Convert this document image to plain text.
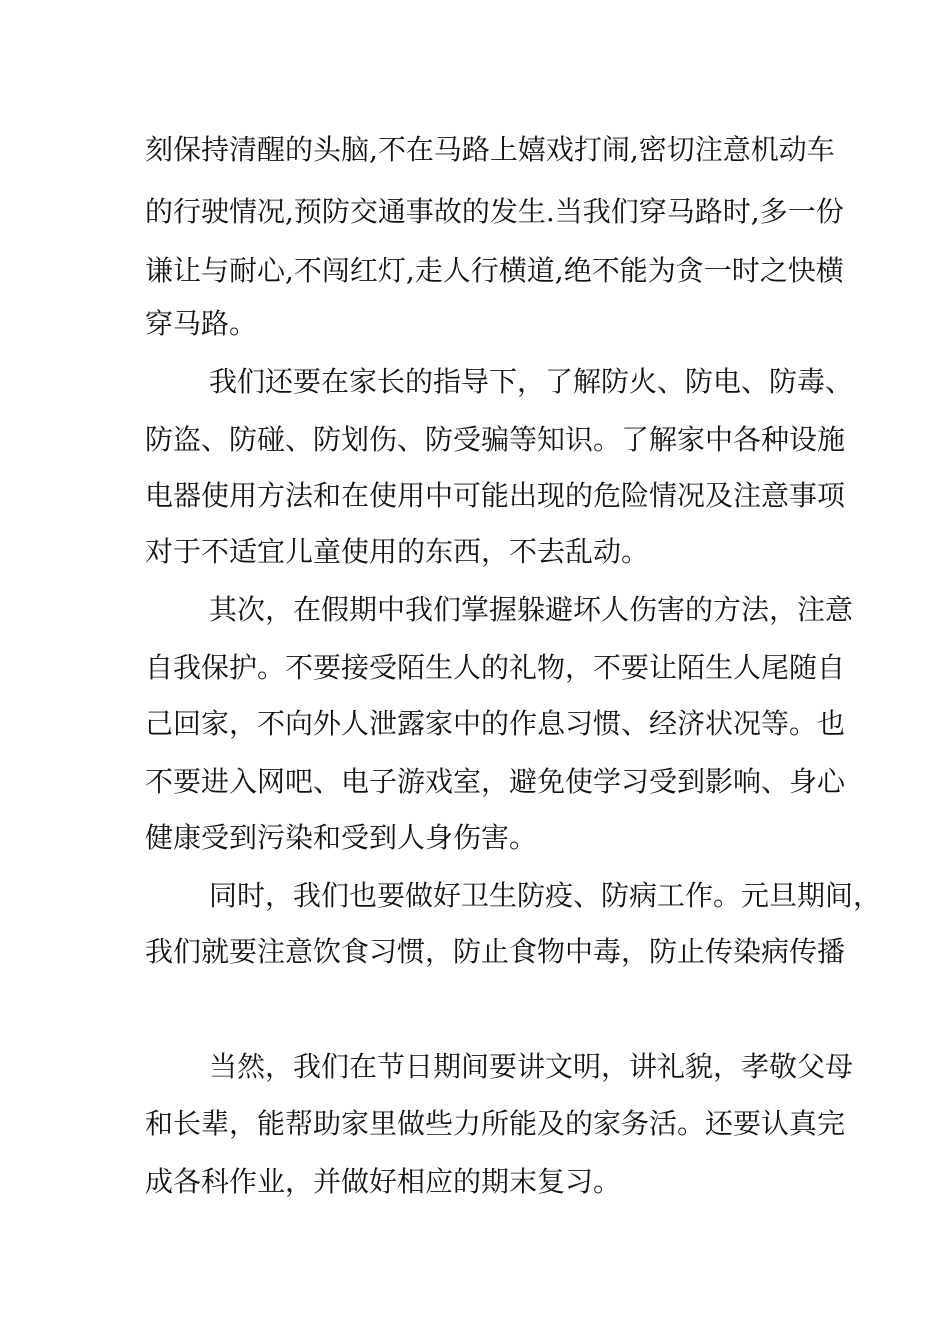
刻保持清醒的头脑,不在马路上嬉戏打闹,密切注意机动车
的行驶情况,预防交通事故的发生.当我们穿马路时,多一份
谦让与耐心,不闯红灯,走人行横道,绝不能为贪一时之快横
穿马路。
我们还要在家长的指导下，了解防火、防电、防毒、
防盗、防碰、防划伤、防受骗等知识。了解家中各种设施
电器使用方法和在使用中可能出现的危险情况及注意事项
对于不适宜儿童使用的东西，不去乱动。
其次，在假期中我们掌握躲避坏人伤害的方法，注意
自我保护。不要接受陌生人的礼物，不要让陌生人尾随自
己回家，不向外人泄露家中的作息习惯、经济状况等。也
不要进入网吧、电子游戏室，避免使学习受到影响、身心
健康受到污染和受到人身伤害。
同时，我们也要做好卫生防疫、防病工作。元旦期间，
我们就要注意饮食习惯，防止食物中毒，防止传染病传播
当然，我们在节日期间要讲文明，讲礼貌，孝敬父母
和长辈，能帮助家里做些力所能及的家务活。还要认真完
成各科作业，并做好相应的期末复习。
